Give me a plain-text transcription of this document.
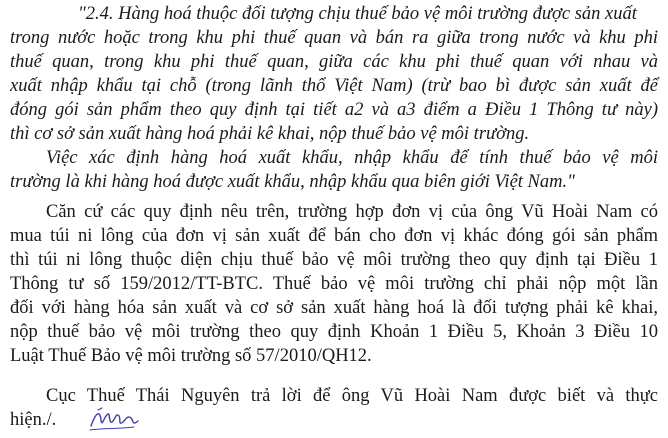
"2.4. Hàng hoá thuộc đối tượng chịu thuế bảo vệ môi trường được sản xuất
trong nước hoặc trong khu phi thuế quan và bán ra giữa trong nước và khu phi
thuế quan, trong khu phi thuế quan, giữa các khu phi thuế quan với nhau và
xuất nhập khẩu tại chỗ (trong lãnh thổ Việt Nam) (trừ bao bì được sản xuất để
đóng gói sản phẩm theo quy định tại tiết a2 và a3 điểm a Điều 1 Thông tư này)
thì cơ sở sản xuất hàng hoá phải kê khai, nộp thuế bảo vệ môi trường.
Việc xác định hàng hoá xuất khẩu, nhập khẩu để tính thuế bảo vệ môi
trường là khi hàng hoá được xuất khẩu, nhập khẩu qua biên giới Việt Nam."
Căn cứ các quy định nêu trên, trường hợp đơn vị của ông Vũ Hoài Nam có
mua túi ni lông của đơn vị sản xuất để bán cho đơn vị khác đóng gói sản phẩm
thì túi ni lông thuộc diện chịu thuế bảo vệ môi trường theo quy định tại Điều 1
Thông tư số 159/2012/TT-BTC. Thuế bảo vệ môi trường chỉ phải nộp một lần
đối với hàng hóa sản xuất và cơ sở sản xuất hàng hoá là đối tượng phải kê khai,
nộp thuế bảo vệ môi trường theo quy định Khoản 1 Điều 5, Khoản 3 Điều 10
Luật Thuế Bảo vệ môi trường số 57/2010/QH12.
Cục Thuế Thái Nguyên trả lời để ông Vũ Hoài Nam được biết và thực
hiện./.
